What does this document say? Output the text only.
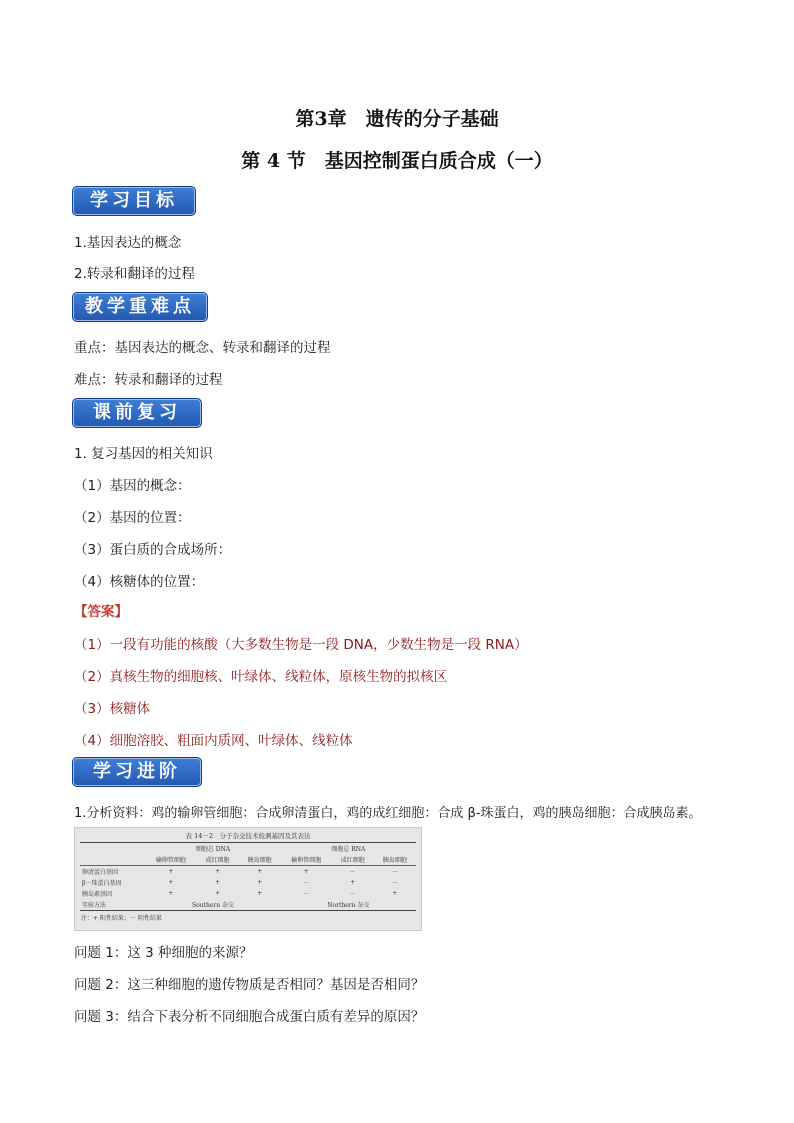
第3章　遗传的分子基础
第 4 节　基因控制蛋白质合成（一）
学习目标
1.基因表达的概念
2.转录和翻译的过程
教学重难点
重点：基因表达的概念、转录和翻译的过程
难点：转录和翻译的过程
课前复习
1. 复习基因的相关知识
（1）基因的概念：
（2）基因的位置：
（3）蛋白质的合成场所：
（4）核糖体的位置：
【答案】
（1）一段有功能的核酸（大多数生物是一段 DNA，少数生物是一段 RNA）
（2）真核生物的细胞核、叶绿体、线粒体，原核生物的拟核区
（3）核糖体
（4）细胞溶胶、粗面内质网、叶绿体、线粒体
学习进阶
1.分析资料：鸡的输卵管细胞：合成卵清蛋白，鸡的成红细胞：合成 β-珠蛋白，鸡的胰岛细胞：合成胰岛素。
表 14－2　分子杂交技术检测基因及其表达
	细胞总 DNA			细胞总 RNA		
	输卵管细胞	成红细胞	胰岛细胞	输卵管细胞	成红细胞	胰岛细胞
卵清蛋白基因	+	+	+	+	－	－
β－珠蛋白基因	+	+	+	－	+	－
胰岛素基因	+	+	+	－	－	+
实验方法	Southern 杂交			Northern 杂交		
注：+ 阳性结果；－ 阴性结果
问题 1：这 3 种细胞的来源？
问题 2：这三种细胞的遗传物质是否相同？基因是否相同？
问题 3：结合下表分析不同细胞合成蛋白质有差异的原因？
